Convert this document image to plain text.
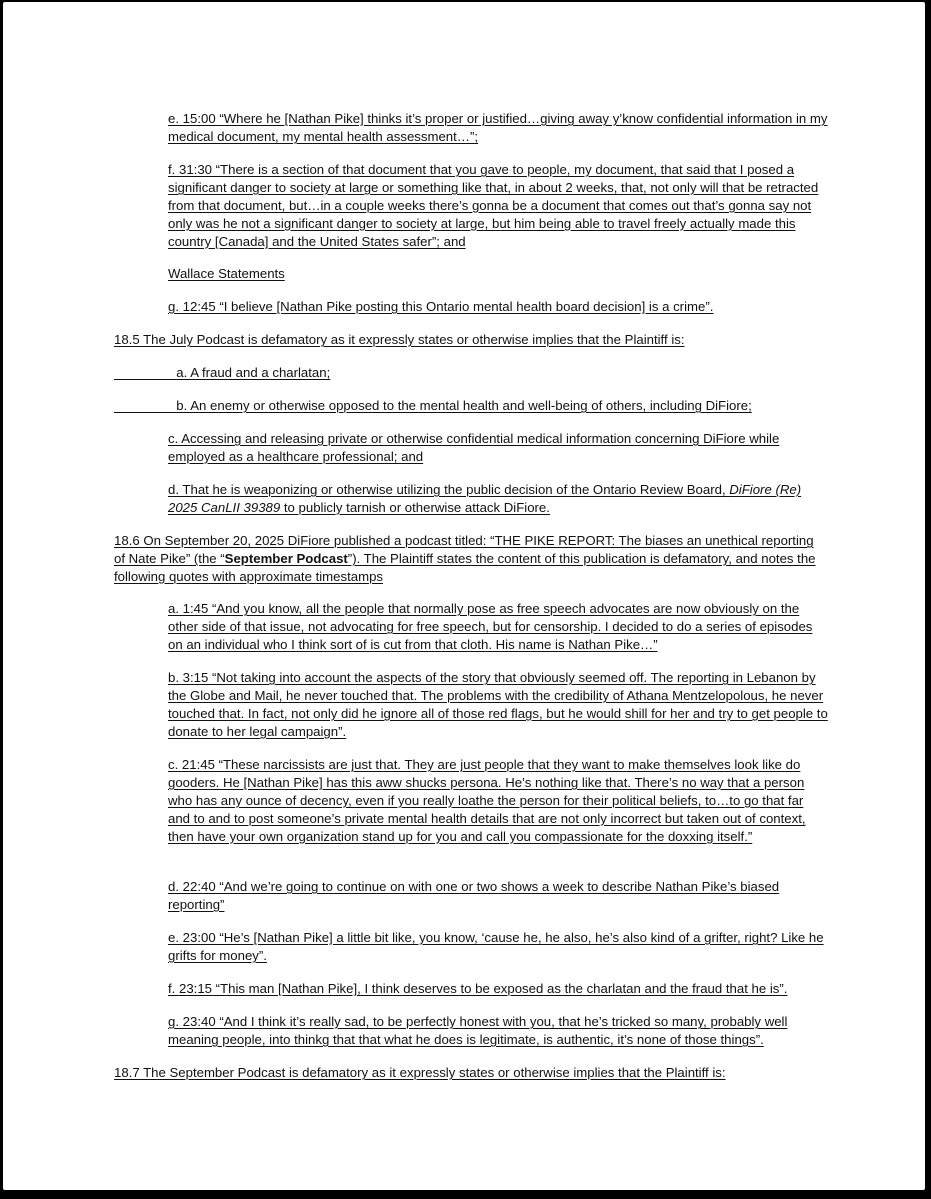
e. 15:00 “Where he [Nathan Pike] thinks it’s proper or justified…giving away y’know confidential information in my medical document, my mental health assessment…”;
f. 31:30 “There is a section of that document that you gave to people, my document, that said that I posed a significant danger to society at large or something like that, in about 2 weeks, that, not only will that be retracted from that document, but…in a couple weeks there’s gonna be a document that comes out that’s gonna say not only was he not a significant danger to society at large, but him being able to travel freely actually made this country [Canada] and the United States safer”; and
Wallace Statements
g. 12:45 “I believe [Nathan Pike posting this Ontario mental health board decision] is a crime”.
18.5 The July Podcast is defamatory as it expressly states or otherwise implies that the Plaintiff is:
a. A fraud and a charlatan;
b. An enemy or otherwise opposed to the mental health and well-being of others, including DiFiore;
c. Accessing and releasing private or otherwise confidential medical information concerning DiFiore while employed as a healthcare professional; and
d. That he is weaponizing or otherwise utilizing the public decision of the Ontario Review Board, DiFiore (Re) 2025 CanLII 39389 to publicly tarnish or otherwise attack DiFiore.
18.6 On September 20, 2025 DiFiore published a podcast titled: “THE PIKE REPORT: The biases an unethical reporting of Nate Pike” (the “September Podcast”). The Plaintiff states the content of this publication is defamatory, and notes the following quotes with approximate timestamps
a. 1:45 “And you know, all the people that normally pose as free speech advocates are now obviously on the other side of that issue, not advocating for free speech, but for censorship. I decided to do a series of episodes on an individual who I think sort of is cut from that cloth. His name is Nathan Pike…”
b. 3:15 “Not taking into account the aspects of the story that obviously seemed off. The reporting in Lebanon by the Globe and Mail, he never touched that. The problems with the credibility of Athana Mentzelopolous, he never touched that. In fact, not only did he ignore all of those red flags, but he would shill for her and try to get people to donate to her legal campaign”.
c. 21:45 “These narcissists are just that. They are just people that they want to make themselves look like do gooders. He [Nathan Pike] has this aww shucks persona. He’s nothing like that. There’s no way that a person who has any ounce of decency, even if you really loathe the person for their political beliefs, to…to go that far and to and to post someone’s private mental health details that are not only incorrect but taken out of context, then have your own organization stand up for you and call you compassionate for the doxxing itself.”
d. 22:40 “And we’re going to continue on with one or two shows a week to describe Nathan Pike’s biased reporting”
e. 23:00 “He’s [Nathan Pike] a little bit like, you know, ‘cause he, he also, he’s also kind of a grifter, right? Like he grifts for money”.
f. 23:15 “This man [Nathan Pike], I think deserves to be exposed as the charlatan and the fraud that he is”.
g. 23:40 “And I think it’s really sad, to be perfectly honest with you, that he’s tricked so many, probably well meaning people, into thinkg that that what he does is legitimate, is authentic, it’s none of those things”.
18.7 The September Podcast is defamatory as it expressly states or otherwise implies that the Plaintiff is:
